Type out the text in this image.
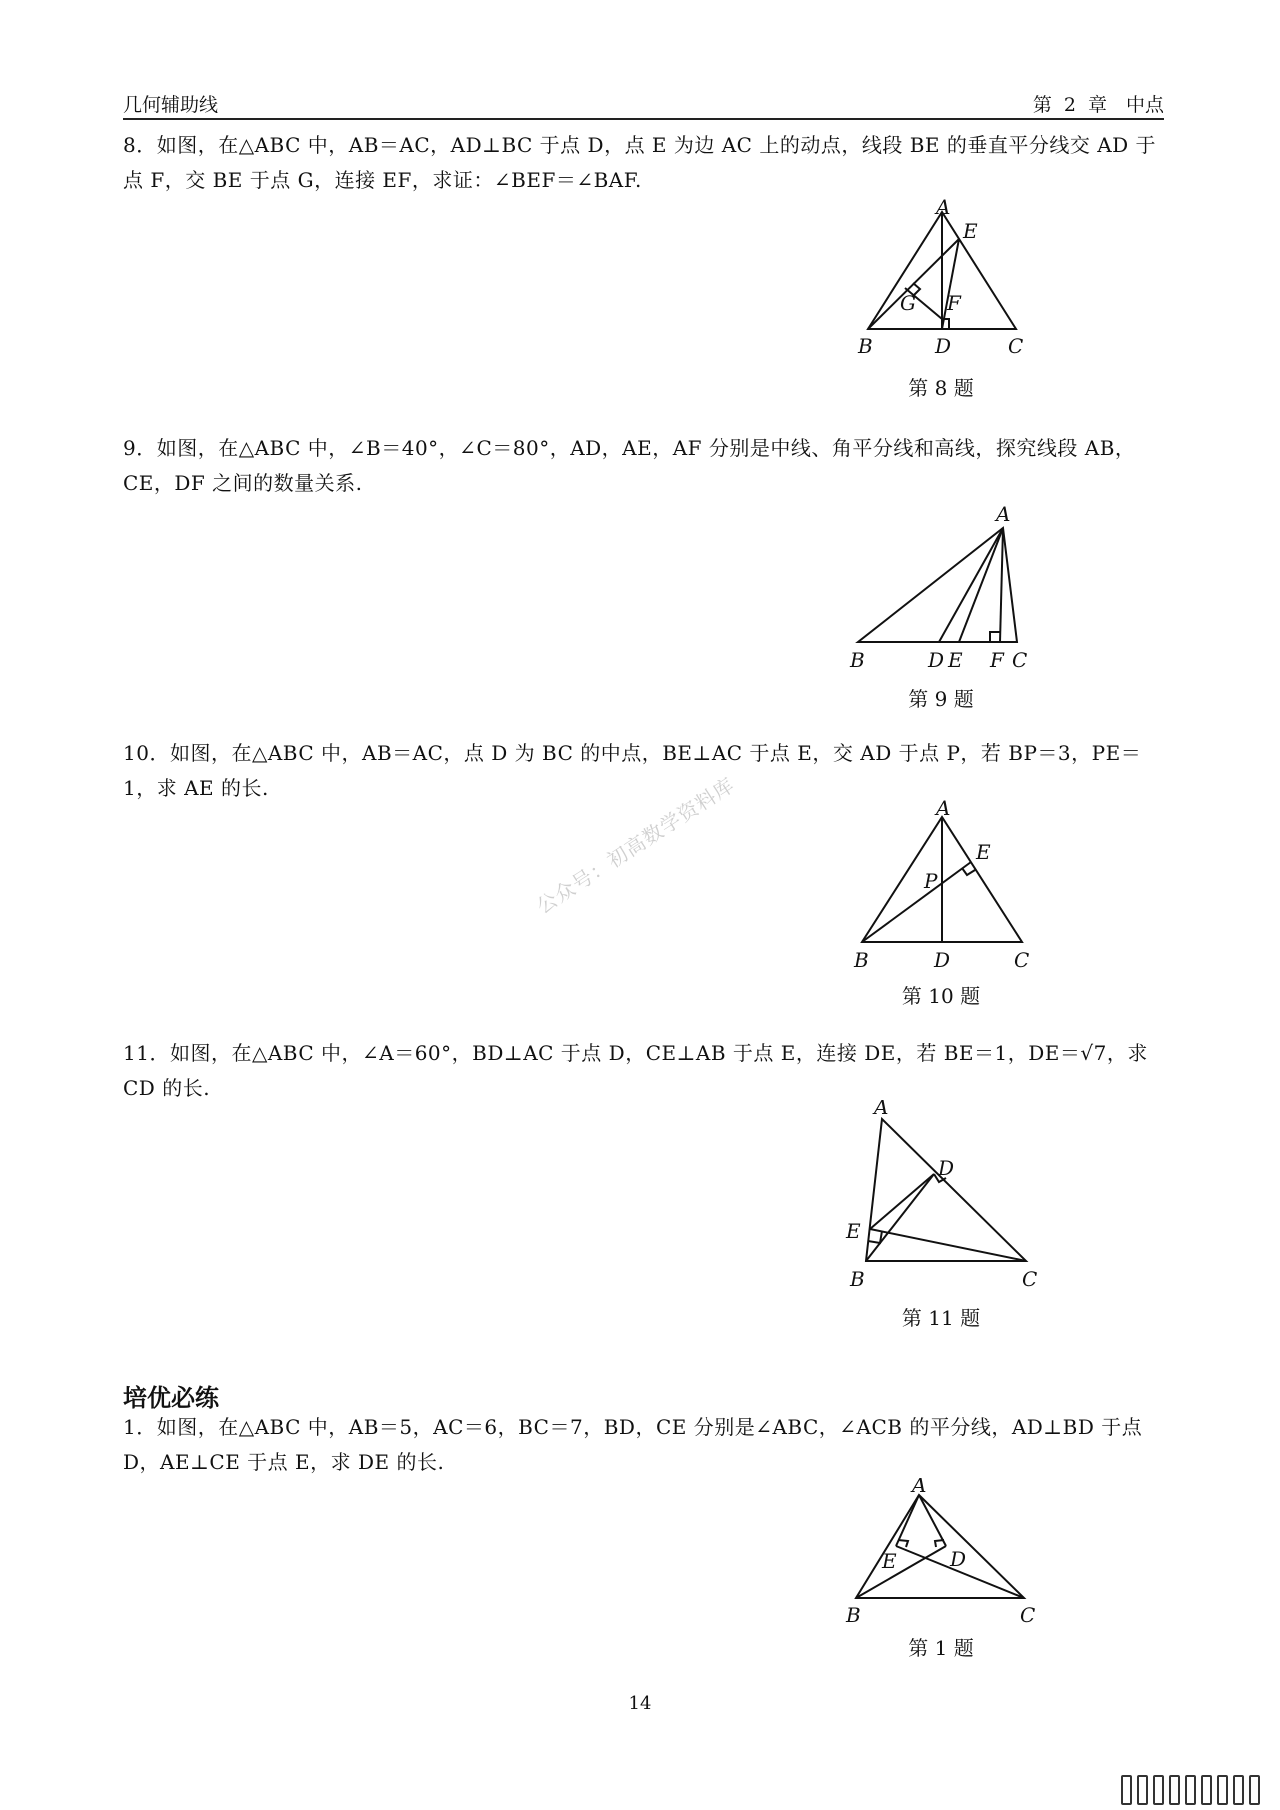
几何辅助线	第 2 章　中点
8．如图，在△ABC 中，AB＝AC，AD⊥BC 于点 D，点 E 为边 AC 上的动点，线段 BE 的垂直平分线交 AD 于点 F，交 BE 于点 G，连接 EF，求证：∠BEF＝∠BAF.
A
E
G F
B	D	C
第 8 题
9．如图，在△ABC 中，∠B＝40°，∠C＝80°，AD，AE，AF 分别是中线、角平分线和高线，探究线段 AB，CE，DF 之间的数量关系.
A
B	D E F C
第 9 题
10．如图，在△ABC 中，AB＝AC，点 D 为 BC 的中点，BE⊥AC 于点 E，交 AD 于点 P，若 BP＝3，PE＝1，求 AE 的长.
A
E
P
B	D	C
第 10 题
公众号：初高数学资料库
11．如图，在△ABC 中，∠A＝60°，BD⊥AC 于点 D，CE⊥AB 于点 E，连接 DE，若 BE＝1，DE＝√7，求 CD 的长.
A
D
E
B	C
第 11 题
培优必练
1．如图，在△ABC 中，AB＝5，AC＝6，BC＝7，BD，CE 分别是∠ABC，∠ACB 的平分线，AD⊥BD 于点 D，AE⊥CE 于点 E，求 DE 的长.
A
E	D
B	C
第 1 题
14
